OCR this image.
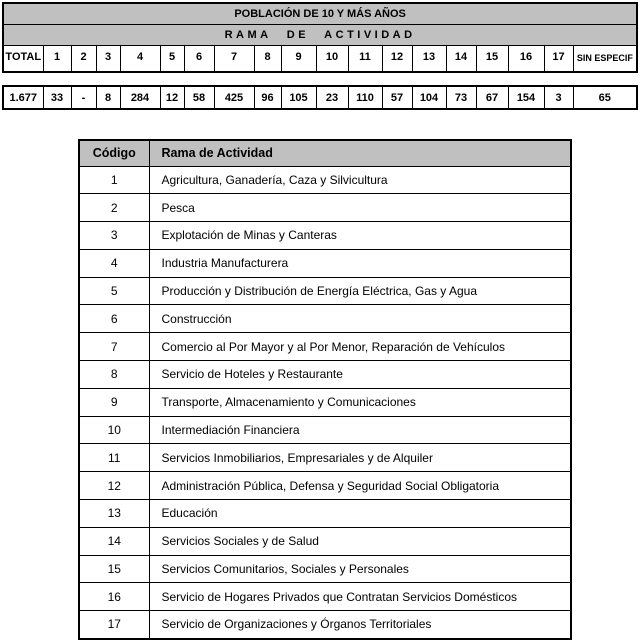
POBLACIÓN DE 10 Y MÁS AÑOS
RAMA DE ACTIVIDAD
TOTAL	1	2	3	4	5	6	7	8	9	10	11	12	13	14	15	16	17	SIN ESPECIF
1.677	33	-	8	284	12	58	425	96	105	23	110	57	104	73	67	154	3	65
Código	Rama de Actividad
1	Agricultura, Ganadería, Caza y Silvicultura
2	Pesca
3	Explotación de Minas y Canteras
4	Industria Manufacturera
5	Producción y Distribución de Energía Eléctrica, Gas y Agua
6	Construcción
7	Comercio al Por Mayor y al Por Menor, Reparación de Vehículos
8	Servicio de Hoteles y Restaurante
9	Transporte, Almacenamiento y Comunicaciones
10	Intermediación Financiera
11	Servicios Inmobiliarios, Empresariales y de Alquiler
12	Administración Pública, Defensa y Seguridad Social Obligatoria
13	Educación
14	Servicios Sociales y de Salud
15	Servicios Comunitarios, Sociales y Personales
16	Servicio de Hogares Privados que Contratan Servicios Domésticos
17	Servicio de Organizaciones y Órganos Territoriales
